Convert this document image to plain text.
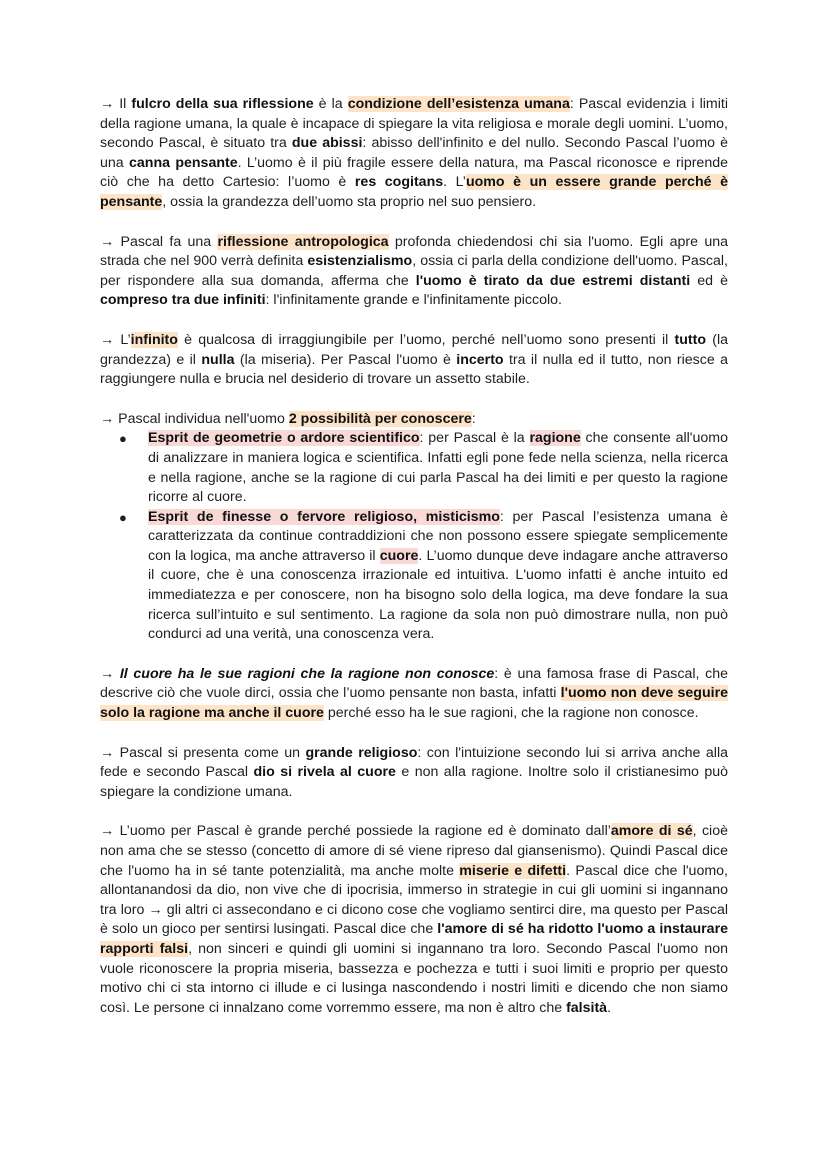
→ Il fulcro della sua riflessione è la condizione dell’esistenza umana: Pascal evidenzia i limiti della ragione umana, la quale è incapace di spiegare la vita religiosa e morale degli uomini. L’uomo, secondo Pascal, è situato tra due abissi: abisso dell'infinito e del nullo. Secondo Pascal l’uomo è una canna pensante. L’uomo è il più fragile essere della natura, ma Pascal riconosce e riprende ciò che ha detto Cartesio: l’uomo è res cogitans. L’uomo è un essere grande perché è pensante, ossia la grandezza dell’uomo sta proprio nel suo pensiero.

→ Pascal fa una riflessione antropologica profonda chiedendosi chi sia l'uomo. Egli apre una strada che nel 900 verrà definita esistenzialismo, ossia ci parla della condizione dell'uomo. Pascal, per rispondere alla sua domanda, afferma che l'uomo è tirato da due estremi distanti ed è compreso tra due infiniti: l'infinitamente grande e l'infinitamente piccolo.

→ L’infinito è qualcosa di irraggiungibile per l’uomo, perché nell’uomo sono presenti il tutto (la grandezza) e il nulla (la miseria). Per Pascal l'uomo è incerto tra il nulla ed il tutto, non riesce a raggiungere nulla e brucia nel desiderio di trovare un assetto stabile.

→ Pascal individua nell'uomo 2 possibilità per conoscere:

● Esprit de geometrie o ardore scientifico: per Pascal è la ragione che consente all'uomo di analizzare in maniera logica e scientifica. Infatti egli pone fede nella scienza, nella ricerca e nella ragione, anche se la ragione di cui parla Pascal ha dei limiti e per questo la ragione ricorre al cuore.
● Esprit de finesse o fervore religioso, misticismo: per Pascal l’esistenza umana è caratterizzata da continue contraddizioni che non possono essere spiegate semplicemente con la logica, ma anche attraverso il cuore. L’uomo dunque deve indagare anche attraverso il cuore, che è una conoscenza irrazionale ed intuitiva. L'uomo infatti è anche intuito ed immediatezza e per conoscere, non ha bisogno solo della logica, ma deve fondare la sua ricerca sull’intuito e sul sentimento. La ragione da sola non può dimostrare nulla, non può condurci ad una verità, una conoscenza vera.

→ Il cuore ha le sue ragioni che la ragione non conosce: è una famosa frase di Pascal, che descrive ciò che vuole dirci, ossia che l’uomo pensante non basta, infatti l'uomo non deve seguire solo la ragione ma anche il cuore perché esso ha le sue ragioni, che la ragione non conosce.

→ Pascal si presenta come un grande religioso: con l'intuizione secondo lui si arriva anche alla fede e secondo Pascal dio si rivela al cuore e non alla ragione. Inoltre solo il cristianesimo può spiegare la condizione umana.

→ L’uomo per Pascal è grande perché possiede la ragione ed è dominato dall’amore di sé, cioè non ama che se stesso (concetto di amore di sé viene ripreso dal giansenismo). Quindi Pascal dice che l'uomo ha in sé tante potenzialità, ma anche molte miserie e difetti. Pascal dice che l'uomo, allontanandosi da dio, non vive che di ipocrisia, immerso in strategie in cui gli uomini si ingannano tra loro → gli altri ci assecondano e ci dicono cose che vogliamo sentirci dire, ma questo per Pascal è solo un gioco per sentirsi lusingati. Pascal dice che l'amore di sé ha ridotto l'uomo a instaurare rapporti falsi, non sinceri e quindi gli uomini si ingannano tra loro. Secondo Pascal l'uomo non vuole riconoscere la propria miseria, bassezza e pochezza e tutti i suoi limiti e proprio per questo motivo chi ci sta intorno ci illude e ci lusinga nascondendo i nostri limiti e dicendo che non siamo così. Le persone ci innalzano come vorremmo essere, ma non è altro che falsità.
